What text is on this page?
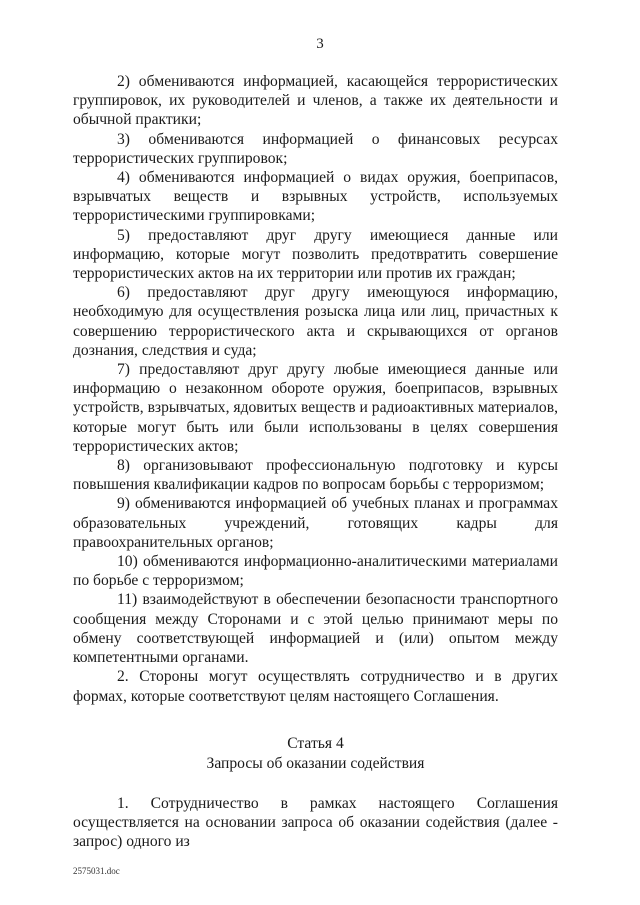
3

2) обмениваются информацией, касающейся террористических группировок, их руководителей и членов, а также их деятельности и обычной практики;

3) обмениваются информацией о финансовых ресурсах террористических группировок;

4) обмениваются информацией о видах оружия, боеприпасов, взрывчатых веществ и взрывных устройств, используемых террористическими группировками;

5) предоставляют друг другу имеющиеся данные или информацию, которые могут позволить предотвратить совершение террористических актов на их территории или против их граждан;

6) предоставляют друг другу имеющуюся информацию, необходимую для осуществления розыска лица или лиц, причастных к совершению террористического акта и скрывающихся от органов дознания, следствия и суда;

7) предоставляют друг другу любые имеющиеся данные или информацию о незаконном обороте оружия, боеприпасов, взрывных устройств, взрывчатых, ядовитых веществ и радиоактивных материалов, которые могут быть или были использованы в целях совершения террористических актов;

8) организовывают профессиональную подготовку и курсы повышения квалификации кадров по вопросам борьбы с терроризмом;

9) обмениваются информацией об учебных планах и программах образовательных учреждений, готовящих кадры для правоохранительных органов;

10) обмениваются информационно-аналитическими материалами по борьбе с терроризмом;

11) взаимодействуют в обеспечении безопасности транспортного сообщения между Сторонами и с этой целью принимают меры по обмену соответствующей информацией и (или) опытом между компетентными органами.

2. Стороны могут осуществлять сотрудничество и в других формах, которые соответствуют целям настоящего Соглашения.

Статья 4
Запросы об оказании содействия

1. Сотрудничество в рамках настоящего Соглашения осуществляется на основании запроса об оказании содействия (далее - запрос) одного из

2575031.doc
